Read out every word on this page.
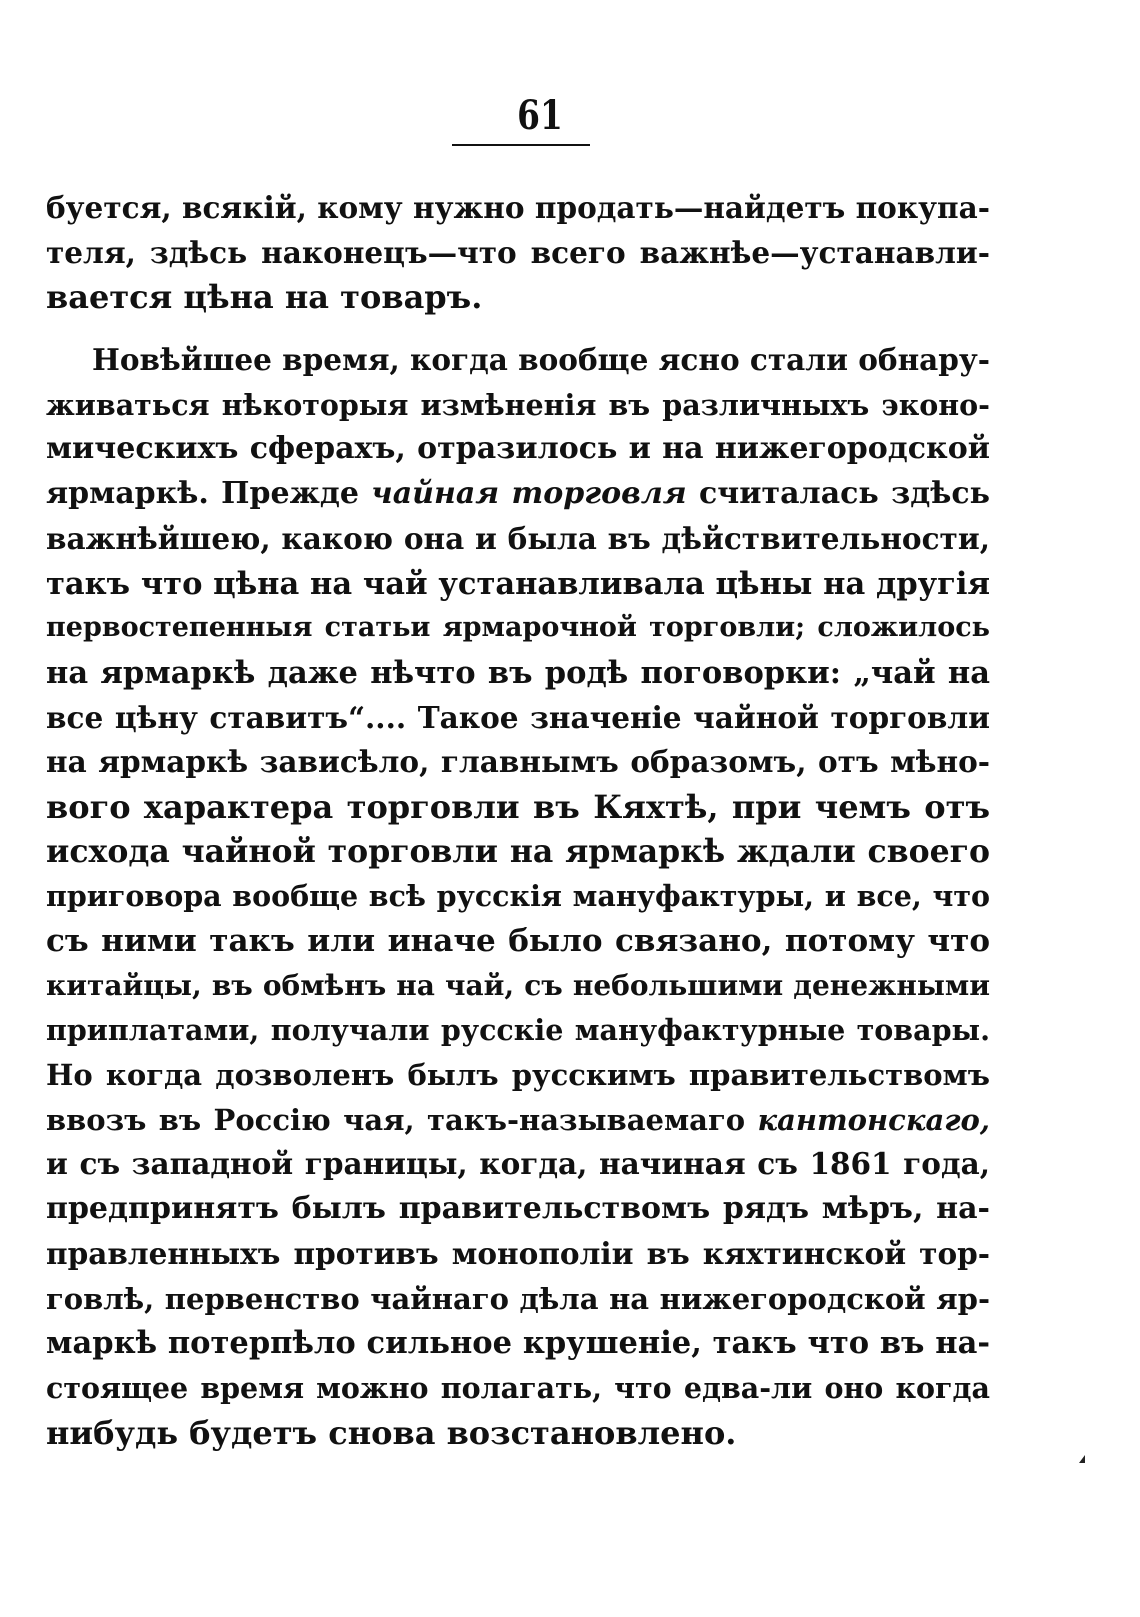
61
буется, всякій, кому нужно продать—найдетъ покупа-
теля, здѣсь наконецъ—что всего важнѣе—устанавли-
вается цѣна на товаръ.
Новѣйшее время, когда вообще ясно стали обнару-
живаться нѣкоторыя измѣненія въ различныхъ эконо-
мическихъ сферахъ, отразилось и на нижегородской
ярмаркѣ. Прежде чайная торговля считалась здѣсь
важнѣйшею, какою она и была въ дѣйствительности,
такъ что цѣна на чай устанавливала цѣны на другія
первостепенныя статьи ярмарочной торговли; сложилось
на ярмаркѣ даже нѣчто въ родѣ поговорки: „чай на
все цѣну ставитъ“.... Такое значеніе чайной торговли
на ярмаркѣ зависѣло, главнымъ образомъ, отъ мѣно-
вого характера торговли въ Кяхтѣ, при чемъ отъ
исхода чайной торговли на ярмаркѣ ждали своего
приговора вообще всѣ русскія мануфактуры, и все, что
съ ними такъ или иначе было связано, потому что
китайцы, въ обмѣнъ на чай, съ небольшими денежными
приплатами, получали русскіе мануфактурные товары.
Но когда дозволенъ былъ русскимъ правительствомъ
ввозъ въ Россію чая, такъ-называемаго кантонскаго,
и съ западной границы, когда, начиная съ 1861 года,
предпринятъ былъ правительствомъ рядъ мѣръ, на-
правленныхъ противъ монополіи въ кяхтинской тор-
говлѣ, первенство чайнаго дѣла на нижегородской яр-
маркѣ потерпѣло сильное крушеніе, такъ что въ на-
стоящее время можно полагать, что едва-ли оно когда
нибудь будетъ снова возстановлено.
